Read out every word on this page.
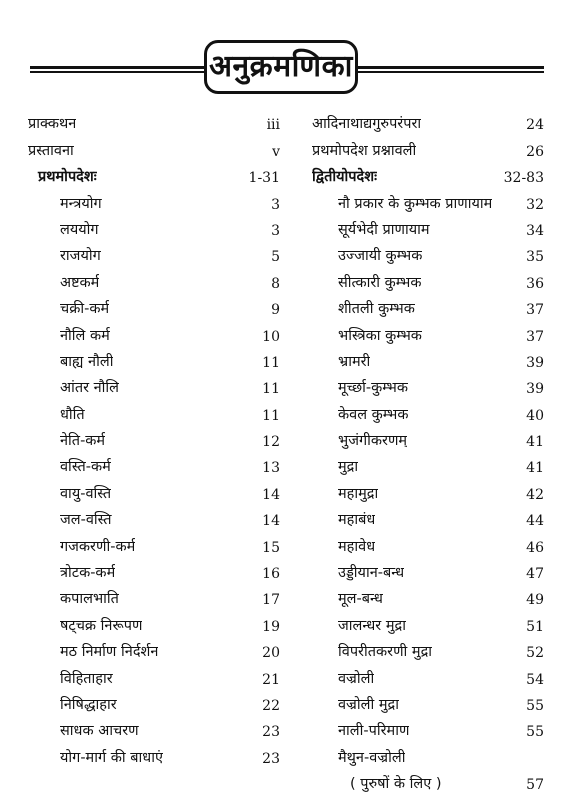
अनुक्रमणिका
प्राक्कथन	iii
प्रस्तावना	v
प्रथमोपदेशः	1-31
मन्त्रयोग	3
लययोग	3
राजयोग	5
अष्टकर्म	8
चक्री-कर्म	9
नौलि कर्म	10
बाह्य नौली	11
आंतर नौलि	11
धौति	11
नेति-कर्म	12
वस्ति-कर्म	13
वायु-वस्ति	14
जल-वस्ति	14
गजकरणी-कर्म	15
त्रोटक-कर्म	16
कपालभाति	17
षट्चक्र निरूपण	19
मठ निर्माण निर्दर्शन	20
विहिताहार	21
निषिद्धाहार	22
साधक आचरण	23
योग-मार्ग की बाधाएं	23
आदिनाथाद्यगुरुपरंपरा	24
प्रथमोपदेश प्रश्नावली	26
द्वितीयोपदेशः	32-83
नौ प्रकार के कुम्भक प्राणायाम 32
सूर्यभेदी प्राणायाम	34
उज्जायी कुम्भक	35
सीत्कारी कुम्भक	36
शीतली कुम्भक	37
भस्त्रिका कुम्भक	37
भ्रामरी	39
मूर्च्छा-कुम्भक	39
केवल कुम्भक	40
भुजंगीकरणम्	41
मुद्रा	41
महामुद्रा	42
महाबंध	44
महावेध	46
उड्डीयान-बन्ध	47
मूल-बन्ध	49
जालन्धर मुद्रा	51
विपरीतकरणी मुद्रा	52
वज्रोली	54
वज्रोली मुद्रा	55
नाली-परिमाण	55
मैथुन-वज्रोली
( पुरुषों के लिए )	57
